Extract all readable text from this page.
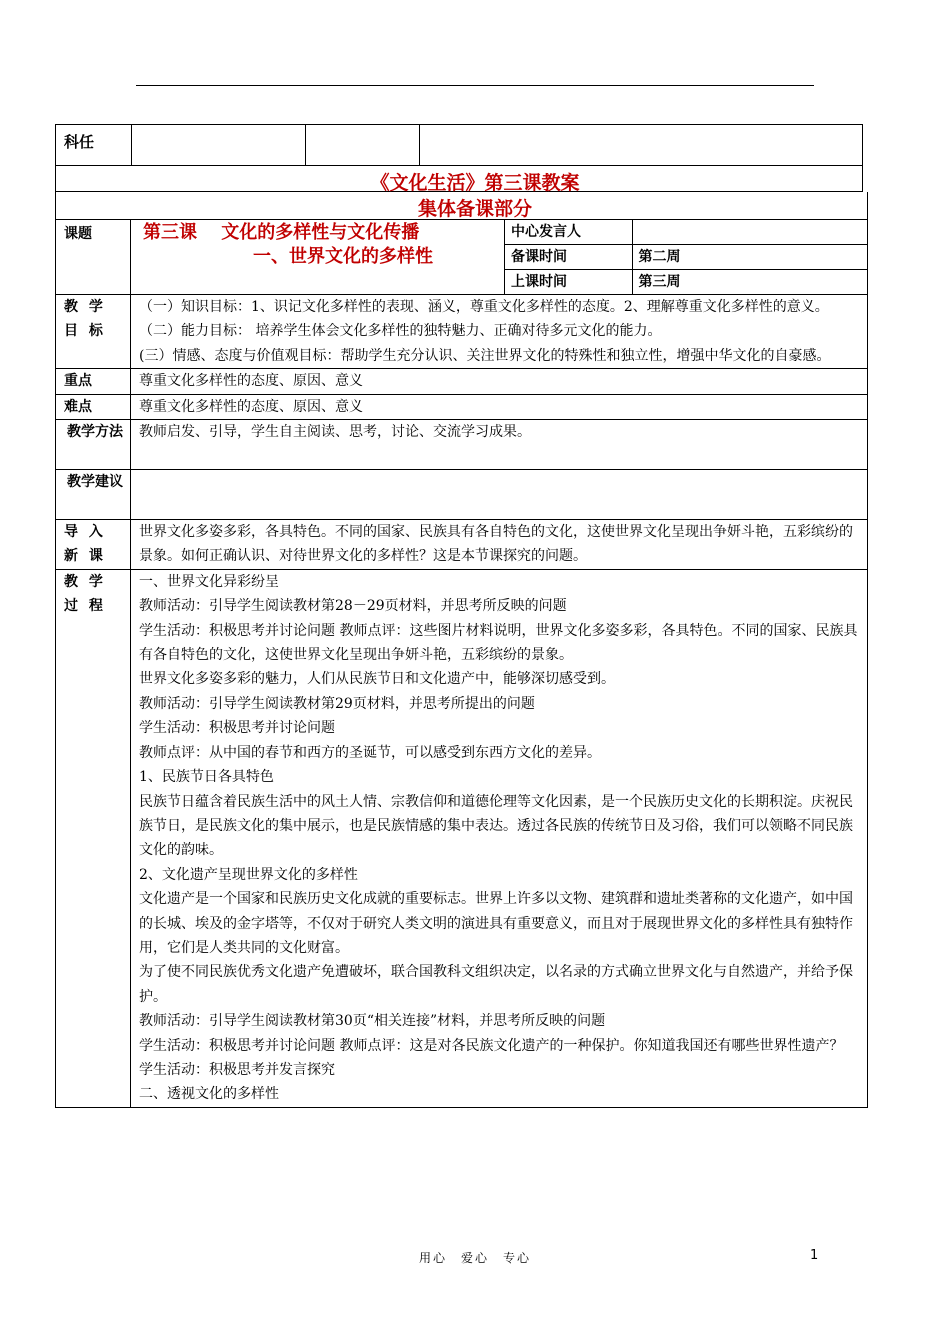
科任
《文化生活》第三课教案
集体备课部分
课题	第三课　 文化的多样性与文化传播
一、世界文化的多样性

中心发言人	
备课时间	第二周
上课时间	第三周

教 学 目 标	

（一）知识目标：1、识记文化多样性的表现、涵义，尊重文化多样性的态度。2、理解尊重文化多样性的意义。

（二）能力目标： 培养学生体会文化多样性的独特魅力、正确对待多元文化的能力。

(三）情感、态度与价值观目标：帮助学生充分认识、关注世界文化的特殊性和独立性，增强中华文化的自豪感。

重点	尊重文化多样性的态度、原因、意义
难点	尊重文化多样性的态度、原因、意义
教学方法	教师启发、引导，学生自主阅读、思考，讨论、交流学习成果。
教学建议	
导 入 新 课	世界文化多姿多彩，各具特色。不同的国家、民族具有各自特色的文化，这使世界文化呈现出争妍斗艳，五彩缤纷的景象。如何正确认识、对待世界文化的多样性？这是本节课探究的问题。
教 学 过 程	

一、世界文化异彩纷呈

教师活动：引导学生阅读教材第28－29页材料，并思考所反映的问题

学生活动：积极思考并讨论问题 教师点评：这些图片材料说明，世界文化多姿多彩，各具特色。不同的国家、民族具有各自特色的文化，这使世界文化呈现出争妍斗艳，五彩缤纷的景象。

世界文化多姿多彩的魅力，人们从民族节日和文化遗产中，能够深切感受到。

教师活动：引导学生阅读教材第29页材料，并思考所提出的问题

学生活动：积极思考并讨论问题

教师点评：从中国的春节和西方的圣诞节，可以感受到东西方文化的差异。

1、民族节日各具特色

民族节日蕴含着民族生活中的风土人情、宗教信仰和道德伦理等文化因素，是一个民族历史文化的长期积淀。庆祝民族节日，是民族文化的集中展示，也是民族情感的集中表达。透过各民族的传统节日及习俗，我们可以领略不同民族文化的韵味。

2、文化遗产呈现世界文化的多样性

文化遗产是一个国家和民族历史文化成就的重要标志。世界上许多以文物、建筑群和遗址类著称的文化遗产，如中国的长城、埃及的金字塔等，不仅对于研究人类文明的演进具有重要意义，而且对于展现世界文化的多样性具有独特作用，它们是人类共同的文化财富。

为了使不同民族优秀文化遗产免遭破坏，联合国教科文组织决定，以名录的方式确立世界文化与自然遗产，并给予保护。

教师活动：引导学生阅读教材第30页“相关连接”材料，并思考所反映的问题

学生活动：积极思考并讨论问题 教师点评：这是对各民族文化遗产的一种保护。你知道我国还有哪些世界性遗产？

学生活动：积极思考并发言探究

二、透视文化的多样性

用心　爱心　专心	1
